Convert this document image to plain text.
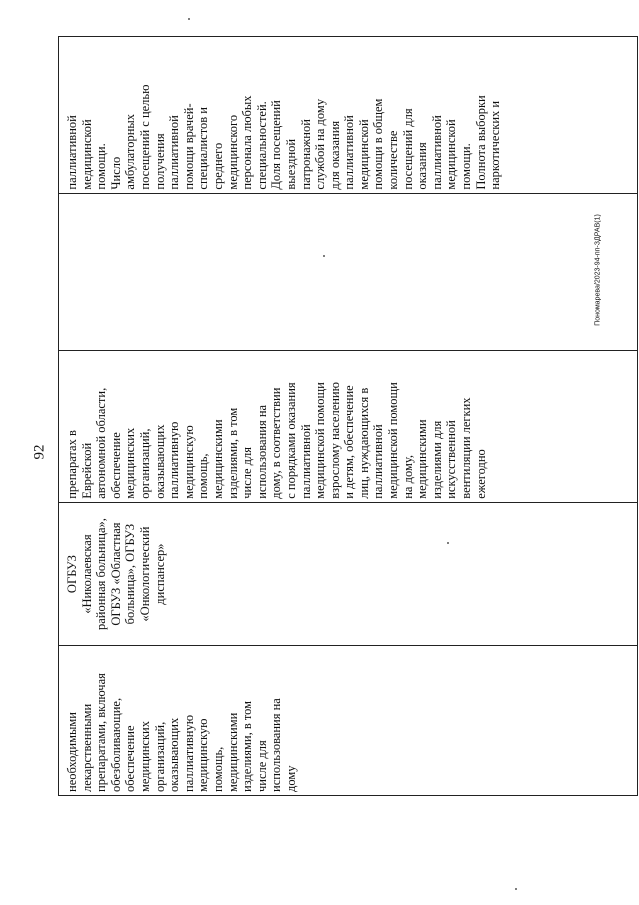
92
необходимыми лекарственными препаратами, включая обезболивающие, обеспечение медицинских организаций, оказывающих паллиативную медицинскую помощь, медицинскими изделиями, в том числе для использования на дому
ОГБУЗ «Николаевская районная больница», ОГБУЗ «Областная больница», ОГБУЗ «Онкологический диспансер»
препаратах в Еврейской автономной области, обеспечение медицинских организаций, оказывающих паллиативную медицинскую помощь, медицинскими изделиями, в том числе для использования на дому, в соответствии с порядками оказания паллиативной медицинской помощи взрослому населению и детям, обеспечение лиц, нуждающихся в паллиативной медицинской помощи на дому, медицинскими изделиями для искусственной вентиляции легких ежегодно
паллиативной медицинской помощи. Число амбулаторных посещений с целью получения паллиативной помощи врачей- специалистов и среднего медицинского персонала любых специальностей. Доля посещений выездной патронажной службой на дому для оказания паллиативной медицинской помощи в общем количестве посещений для оказания паллиативной медицинской помощи. Полнота выборки наркотических и
Пономарева/2023-94-пп-ЗДРАВ(1)
